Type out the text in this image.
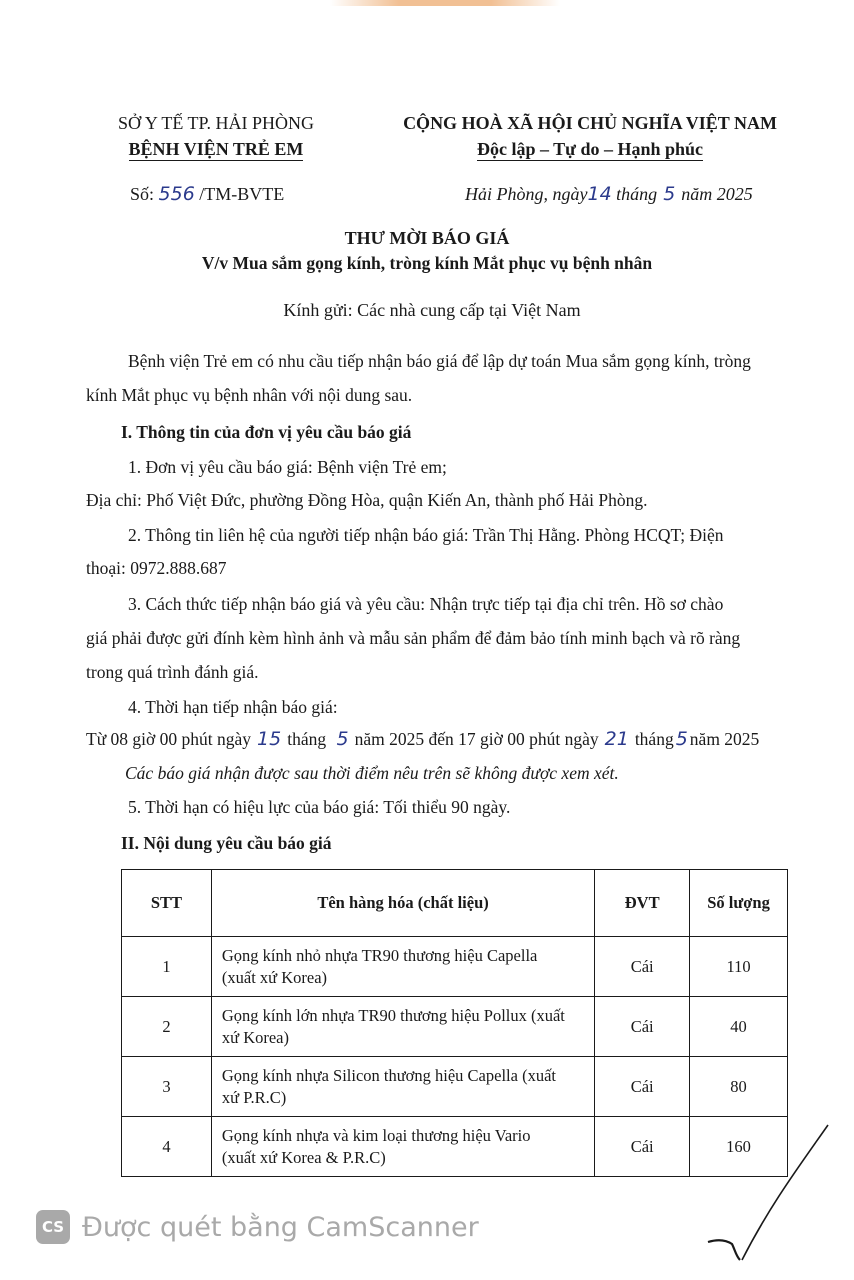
SỞ Y TẾ TP. HẢI PHÒNG
BỆNH VIỆN TRẺ EM
CỘNG HOÀ XÃ HỘI CHỦ NGHĨA VIỆT NAM
Độc lập – Tự do – Hạnh phúc
Số: 556 /TM-BVTE	Hải Phòng, ngày14 tháng 5 năm 2025
THƯ MỜI BÁO GIÁ
V/v Mua sắm gọng kính, tròng kính Mắt phục vụ bệnh nhân
Kính gửi: Các nhà cung cấp tại Việt Nam
Bệnh viện Trẻ em có nhu cầu tiếp nhận báo giá để lập dự toán Mua sắm gọng kính, tròng
kính Mắt phục vụ bệnh nhân với nội dung sau.
I. Thông tin của đơn vị yêu cầu báo giá
1. Đơn vị yêu cầu báo giá: Bệnh viện Trẻ em;
Địa chỉ: Phố Việt Đức, phường Đồng Hòa, quận Kiến An, thành phố Hải Phòng.
2. Thông tin liên hệ của người tiếp nhận báo giá: Trần Thị Hằng. Phòng HCQT; Điện
thoại: 0972.888.687
3. Cách thức tiếp nhận báo giá và yêu cầu: Nhận trực tiếp tại địa chỉ trên. Hồ sơ chào
giá phải được gửi đính kèm hình ảnh và mẫu sản phẩm để đảm bảo tính minh bạch và rõ ràng
trong quá trình đánh giá.
4. Thời hạn tiếp nhận báo giá:
Từ 08 giờ 00 phút ngày 15 tháng 5 năm 2025 đến 17 giờ 00 phút ngày 21 tháng 5 năm 2025
Các báo giá nhận được sau thời điểm nêu trên sẽ không được xem xét.
5. Thời hạn có hiệu lực của báo giá: Tối thiểu 90 ngày.
II. Nội dung yêu cầu báo giá
STT	Tên hàng hóa (chất liệu)	ĐVT	Số lượng
1	Gọng kính nhỏ nhựa TR90 thương hiệu Capella
(xuất xứ Korea)	Cái	110
2	Gọng kính lớn nhựa TR90 thương hiệu Pollux (xuất
xứ Korea)	Cái	40
3	Gọng kính nhựa Silicon thương hiệu Capella (xuất
xứ P.R.C)	Cái	80
4	Gọng kính nhựa và kim loại thương hiệu Vario
(xuất xứ Korea & P.R.C)	Cái	160
CS Được quét bằng CamScanner
